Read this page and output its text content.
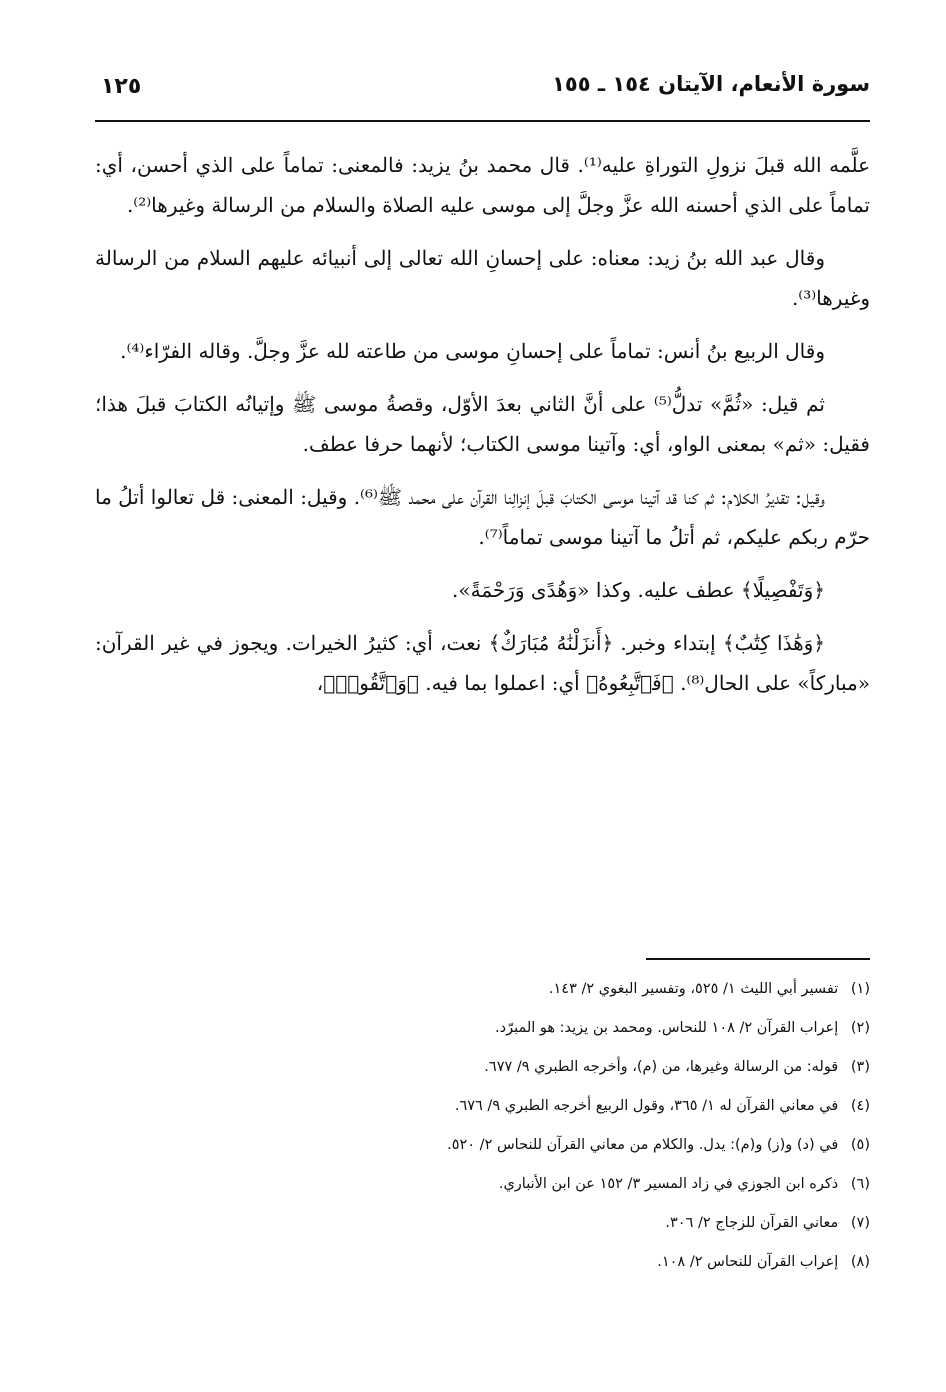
سورة الأنعام، الآيتان ١٥٤ ـ ١٥٥
١٢٥

علَّمه الله قبلَ نزولِ التوراةِ عليه⁽¹⁾. قال محمد بنُ يزيد: فالمعنى: تماماً على الذي أحسن، أي: تماماً على الذي أحسنه الله عزَّ وجلَّ إلى موسى عليه الصلاة والسلام من الرسالة وغيرها⁽²⁾.

وقال عبد الله بنُ زيد: معناه: على إحسانِ الله تعالى إلى أنبيائه عليهم السلام من الرسالة وغيرها⁽³⁾.

وقال الربيع بنُ أنس: تماماً على إحسانِ موسى من طاعته لله عزَّ وجلَّ. وقاله الفرّاء⁽⁴⁾.

ثم قيل: «ثُمَّ» تدلُّ⁽⁵⁾ على أنَّ الثاني بعدَ الأوّل، وقصةُ موسى ﷺ وإتيانُه الكتابَ قبلَ هذا؛ فقيل: «ثم» بمعنى الواو، أي: وآتينا موسى الكتاب؛ لأنهما حرفا عطف.

وقيل: تقديرُ الكلام: ثم كنا قد آتينا موسى الكتابَ قبلَ إنزالِنا القرآن على محمد ﷺ⁽⁶⁾. وقيل: المعنى: قل تعالوا أتلُ ما حرّم ربكم عليكم، ثم أتلُ ما آتينا موسى تماماً⁽⁷⁾.

﴿وَتَفْصِيلًا﴾ عطف عليه. وكذا «وَهُدًى وَرَحْمَةً».

﴿وَهَٰذَا كِتَٰبٌ﴾ إبتداء وخبر. ﴿أَنزَلْنَٰهُ مُبَارَكٌ﴾ نعت، أي: كثيرُ الخيرات. ويجوز في غير القرآن: «مباركاً» على الحال⁽⁸⁾. ﴿فَٱتَّبِعُوهُ﴾ أي: اعملوا بما فيه. ﴿وَٱتَّقُوا۟﴾،

(١) تفسير أبي الليث ١/ ٥٢٥، وتفسير البغوي ٢/ ١٤٣.
(٢) إعراب القرآن ٢/ ١٠٨ للنحاس. ومحمد بن يزيد: هو المبرّد.
(٣) قوله: من الرسالة وغيرها، من (م)، وأخرجه الطبري ٩/ ٦٧٧.
(٤) في معاني القرآن له ١/ ٣٦٥، وقول الربيع أخرجه الطبري ٩/ ٦٧٦.
(٥) في (د) و(ز) و(م): يدل. والكلام من معاني القرآن للنحاس ٢/ ٥٢٠.
(٦) ذكره ابن الجوزي في زاد المسير ٣/ ١٥٢ عن ابن الأنباري.
(٧) معاني القرآن للزجاج ٢/ ٣٠٦.
(٨) إعراب القرآن للنحاس ٢/ ١٠٨.
